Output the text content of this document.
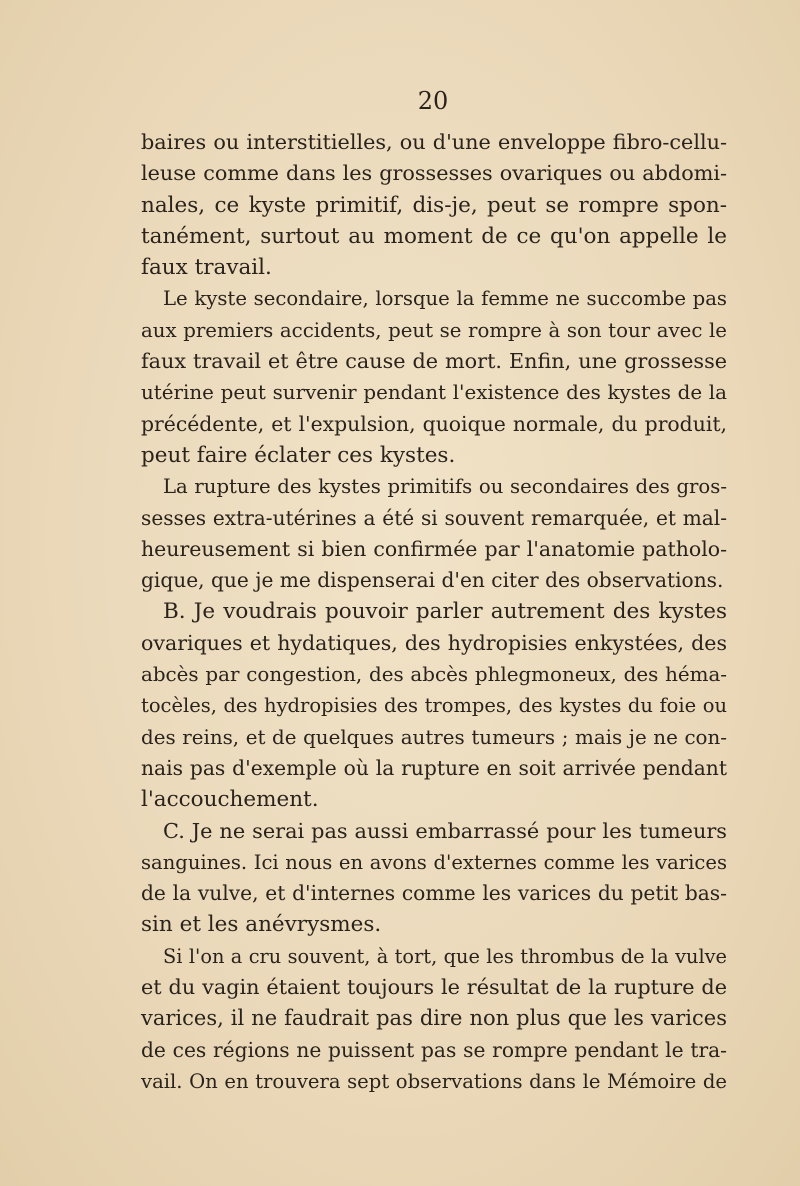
20
baires ou interstitielles, ou d'une enveloppe fibro-cellu-
leuse comme dans les grossesses ovariques ou abdomi-
nales, ce kyste primitif, dis-je, peut se rompre spon-
tanément, surtout au moment de ce qu'on appelle le
faux travail.
Le kyste secondaire, lorsque la femme ne succombe pas
aux premiers accidents, peut se rompre à son tour avec le
faux travail et être cause de mort. Enfin, une grossesse
utérine peut survenir pendant l'existence des kystes de la
précédente, et l'expulsion, quoique normale, du produit,
peut faire éclater ces kystes.
La rupture des kystes primitifs ou secondaires des gros-
sesses extra-utérines a été si souvent remarquée, et mal-
heureusement si bien confirmée par l'anatomie patholo-
gique, que je me dispenserai d'en citer des observations.
B. Je voudrais pouvoir parler autrement des kystes
ovariques et hydatiques, des hydropisies enkystées, des
abcès par congestion, des abcès phlegmoneux, des héma-
tocèles, des hydropisies des trompes, des kystes du foie ou
des reins, et de quelques autres tumeurs ; mais je ne con-
nais pas d'exemple où la rupture en soit arrivée pendant
l'accouchement.
C. Je ne serai pas aussi embarrassé pour les tumeurs
sanguines. Ici nous en avons d'externes comme les varices
de la vulve, et d'internes comme les varices du petit bas-
sin et les anévrysmes.
Si l'on a cru souvent, à tort, que les thrombus de la vulve
et du vagin étaient toujours le résultat de la rupture de
varices, il ne faudrait pas dire non plus que les varices
de ces régions ne puissent pas se rompre pendant le tra-
vail. On en trouvera sept observations dans le Mémoire de
